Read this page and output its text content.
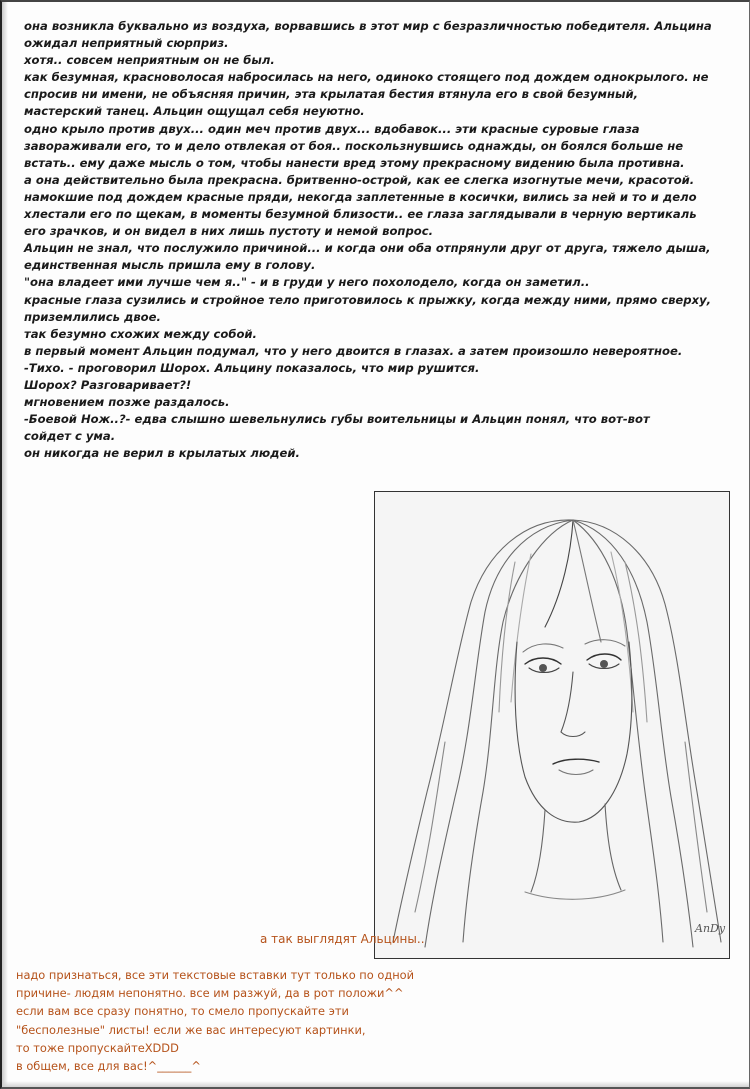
она возникла буквально из воздуха, ворвавшись в этот мир с безразличностью победителя. Альцина
ожидал неприятный сюрприз.
хотя.. совсем неприятным он не был.
как безумная, красноволосая набросилась на него, одиноко стоящего под дождем однокрылого. не
спросив ни имени, не объясняя причин, эта крылатая бестия втянула его в свой безумный,
мастерский танец. Альцин ощущал себя неуютно.
одно крыло против двух... один меч против двух... вдобавок... эти красные суровые глаза
завораживали его, то и дело отвлекая от боя.. поскользнувшись однажды, он боялся больше не
встать.. ему даже мысль о том, чтобы нанести вред этому прекрасному видению была противна.
а она действительно была прекрасна. бритвенно-острой, как ее слегка изогнутые мечи, красотой.
намокшие под дождем красные пряди, некогда заплетенные в косички, вились за ней и то и дело
хлестали его по щекам, в моменты безумной близости.. ее глаза заглядывали в черную вертикаль
его зрачков, и он видел в них лишь пустоту и немой вопрос.
Альцин не знал, что послужило причиной... и когда они оба отпрянули друг от друга, тяжело дыша,
единственная мысль пришла ему в голову.
"она владеет ими лучше чем я.." - и в груди у него похолодело, когда он заметил..
красные глаза сузились и стройное тело приготовилось к прыжку, когда между ними, прямо сверху,
приземлились двое.
так безумно схожих между собой.
в первый момент Альцин подумал, что у него двоится в глазах. а затем произошло невероятное.
-Тихо. - проговорил Шорох. Альцину показалось, что мир рушится.
Шорох? Разговаривает?!
мгновением позже раздалось.
-Боевой Нож..?- едва слышно шевельнулись губы воительницы и Альцин понял, что вот-вот
сойдет с ума.
он никогда не верил в крылатых людей.
AnDy
а так выглядят Альцины..
надо признаться, все эти текстовые вставки тут только по одной
причине- людям непонятно. все им разжуй, да в рот положи^^
если вам все сразу понятно, то смело пропускайте эти
"бесполезные" листы! если же вас интересуют картинки,
то тоже пропускайтеXDDD
в общем, все для вас!^______^
